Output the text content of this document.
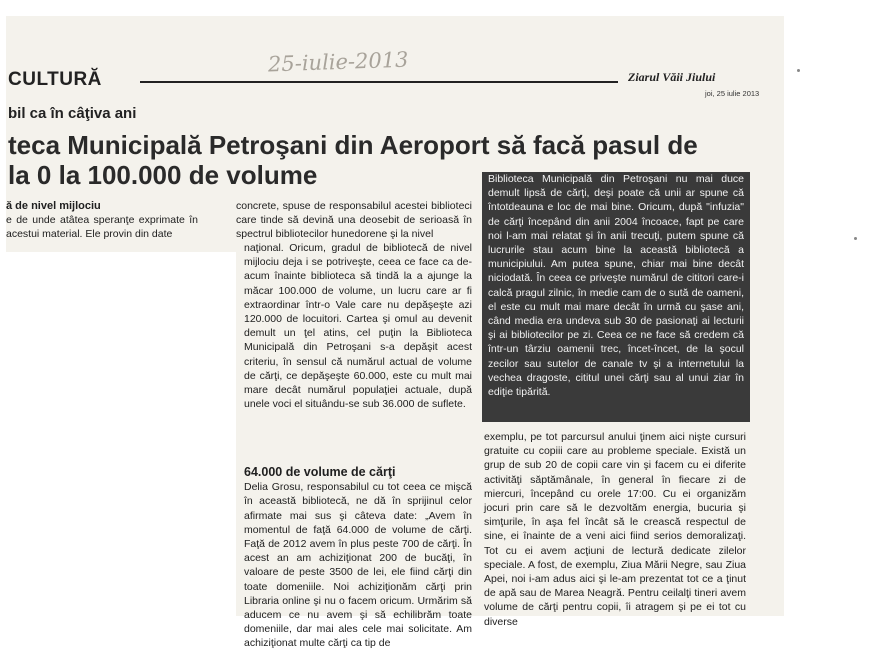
25-iulie-2013
CULTURĂ	Ziarul Văii Jiului
joi, 25 iulie 2013
bil ca în câţiva ani
teca Municipală Petroşani din Aeroport să facă pasul de la 0 la 100.000 de volume

ă de nivel mijlociu

e de unde atâtea speranţe exprimate în acestui material. Ele provin din date

concrete, spuse de responsabilul acestei biblioteci care tinde să devină una deosebit de serioasă în spectrul bibliotecilor hunedorene şi la nivel

naţional. Oricum, gradul de bibliotecă de nivel mijlociu deja i se potriveşte, ceea ce face ca de-acum înainte biblioteca să tindă la a ajunge la măcar 100.000 de volume, un lucru care ar fi extraordinar într-o Vale care nu depăşeşte azi 120.000 de locuitori. Cartea şi omul au devenit demult un ţel atins, cel puţin la Biblioteca Municipală din Petroşani s-a depăşit acest criteriu, în sensul că numărul actual de volume de cărţi, ce depăşeşte 60.000, este cu mult mai mare decât numărul populaţiei actuale, după unele voci el situându-se sub 36.000 de suflete.

64.000 de volume de cărţi

Delia Grosu, responsabilul cu tot ceea ce mişcă în această bibliotecă, ne dă în sprijinul celor afirmate mai sus şi câteva date: „Avem în momentul de faţă 64.000 de volume de cărţi. Faţă de 2012 avem în plus peste 700 de cărţi. În acest an am achiziţionat 200 de bucăţi, în valoare de peste 3500 de lei, ele fiind cărţi din toate domeniile. Noi achiziţionăm cărţi prin Libraria online şi nu o facem oricum. Urmărim să aducem ce nu avem şi să echilibrăm toate domeniile, dar mai ales cele mai solicitate. Am achiziţionat multe cărţi ca tip de

Biblioteca Municipală din Petroşani nu mai duce demult lipsă de cărţi, deşi poate că unii ar spune că întotdeauna e loc de mai bine. Oricum, după "infuzia" de cărţi începând din anii 2004 încoace, fapt pe care noi l-am mai relatat şi în anii trecuţi, putem spune că lucrurile stau acum bine la această bibliotecă a municipiului. Am putea spune, chiar mai bine decât niciodată. În ceea ce priveşte numărul de cititori care-i calcă pragul zilnic, în medie cam de o sută de oameni, el este cu mult mai mare decât în urmă cu şase ani, când media era undeva sub 30 de pasionaţi ai lecturii şi ai bibliotecilor pe zi. Ceea ce ne face să credem că într-un târziu oamenii trec, încet-încet, de la şocul zecilor sau sutelor de canale tv şi a internetului la vechea dragoste, cititul unei cărţi sau al unui ziar în ediţie tipărită.

exemplu, pe tot parcursul anului ţinem aici nişte cursuri gratuite cu copiii care au probleme speciale. Există un grup de sub 20 de copii care vin şi facem cu ei diferite activităţi săptămânale, în general în fiecare zi de miercuri, începând cu orele 17:00. Cu ei organizăm jocuri prin care să le dezvoltăm energia, bucuria şi simţurile, în aşa fel încât să le crească respectul de sine, ei înainte de a veni aici fiind serios demoralizaţi. Tot cu ei avem acţiuni de lectură dedicate zilelor speciale. A fost, de exemplu, Ziua Mării Negre, sau Ziua Apei, noi i-am adus aici şi le-am prezentat tot ce a ţinut de apă sau de Marea Neagră. Pentru ceilalţi tineri avem volume de cărţi pentru copii, îi atragem şi pe ei tot cu diverse
